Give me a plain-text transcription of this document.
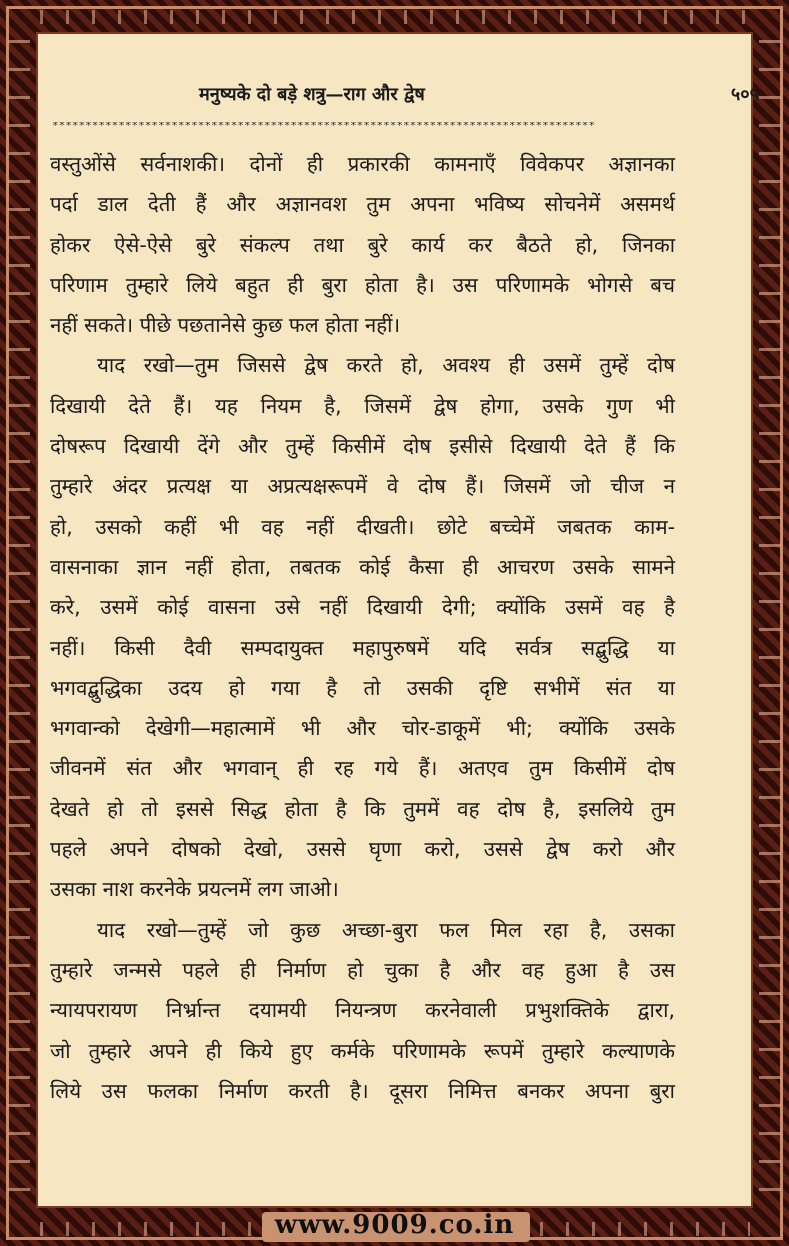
मनुष्यके दो बड़े शत्रु—राग और द्वेष	५०५
**********************************************************************************
वस्तुओंसे सर्वनाशकी। दोनों ही प्रकारकी कामनाएँ विवेकपर अज्ञानका
पर्दा डाल देती हैं और अज्ञानवश तुम अपना भविष्य सोचनेमें असमर्थ
होकर ऐसे-ऐसे बुरे संकल्प तथा बुरे कार्य कर बैठते हो, जिनका
परिणाम तुम्हारे लिये बहुत ही बुरा होता है। उस परिणामके भोगसे बच
नहीं सकते। पीछे पछतानेसे कुछ फल होता नहीं।
याद रखो—तुम जिससे द्वेष करते हो, अवश्य ही उसमें तुम्हें दोष
दिखायी देते हैं। यह नियम है, जिसमें द्वेष होगा, उसके गुण भी
दोषरूप दिखायी देंगे और तुम्हें किसीमें दोष इसीसे दिखायी देते हैं कि
तुम्हारे अंदर प्रत्यक्ष या अप्रत्यक्षरूपमें वे दोष हैं। जिसमें जो चीज न
हो, उसको कहीं भी वह नहीं दीखती। छोटे बच्चेमें जबतक काम-
वासनाका ज्ञान नहीं होता, तबतक कोई कैसा ही आचरण उसके सामने
करे, उसमें कोई वासना उसे नहीं दिखायी देगी; क्योंकि उसमें वह है
नहीं। किसी दैवी सम्पदायुक्त महापुरुषमें यदि सर्वत्र सद्बुद्धि या
भगवद्बुद्धिका उदय हो गया है तो उसकी दृष्टि सभीमें संत या
भगवान्को देखेगी—महात्मामें भी और चोर-डाकूमें भी; क्योंकि उसके
जीवनमें संत और भगवान् ही रह गये हैं। अतएव तुम किसीमें दोष
देखते हो तो इससे सिद्ध होता है कि तुममें वह दोष है, इसलिये तुम
पहले अपने दोषको देखो, उससे घृणा करो, उससे द्वेष करो और
उसका नाश करनेके प्रयत्नमें लग जाओ।
याद रखो—तुम्हें जो कुछ अच्छा-बुरा फल मिल रहा है, उसका
तुम्हारे जन्मसे पहले ही निर्माण हो चुका है और वह हुआ है उस
न्यायपरायण निर्भ्रान्त दयामयी नियन्त्रण करनेवाली प्रभुशक्तिके द्वारा,
जो तुम्हारे अपने ही किये हुए कर्मके परिणामके रूपमें तुम्हारे कल्याणके
लिये उस फलका निर्माण करती है। दूसरा निमित्त बनकर अपना बुरा
www.9009.co.in
